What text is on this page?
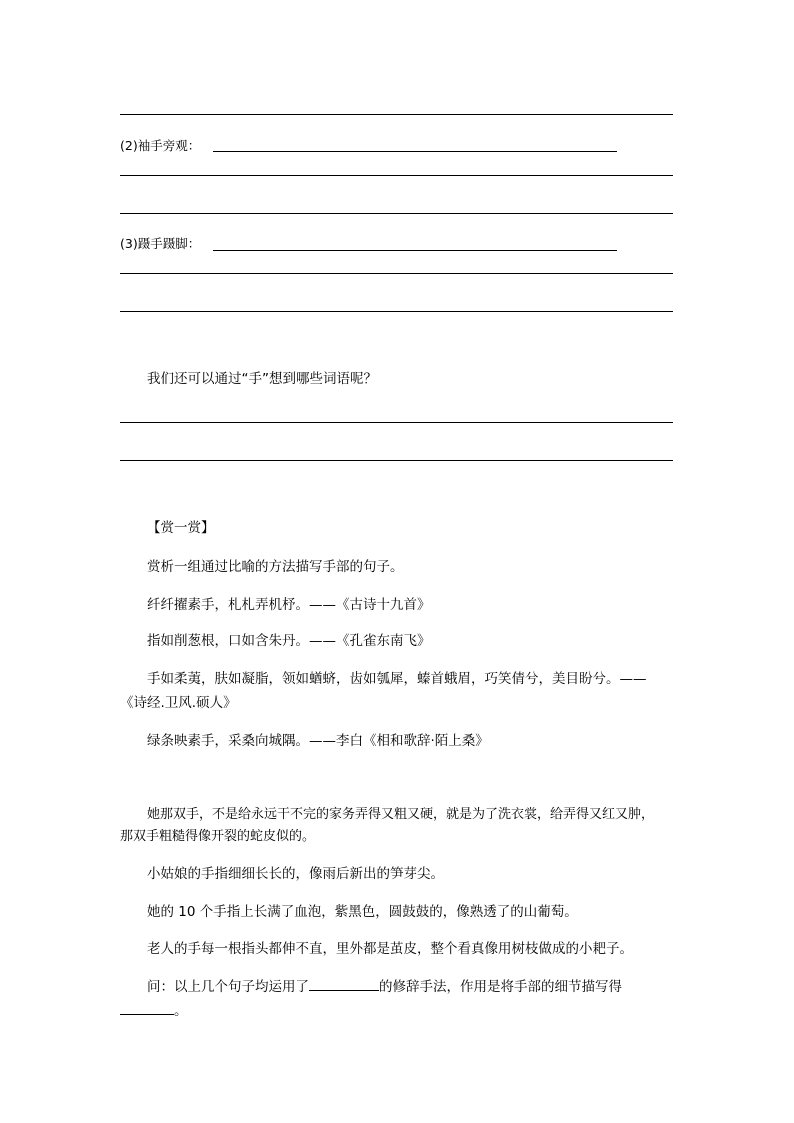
(2)袖手旁观：
(3)蹑手蹑脚：
我们还可以通过“手”想到哪些词语呢？
【赏一赏】
赏析一组通过比喻的方法描写手部的句子。
纤纤擢素手，札札弄机杼。——《古诗十九首》
指如削葱根，口如含朱丹。——《孔雀东南飞》
手如柔荑，肤如凝脂，领如蝤蛴，齿如瓠犀，螓首蛾眉，巧笑倩兮，美目盼兮。——
《诗经.卫风.硕人》
绿条映素手，采桑向城隅。——李白《相和歌辞·陌上桑》
她那双手，不是给永远干不完的家务弄得又粗又硬，就是为了洗衣裳，给弄得又红又肿，
那双手粗糙得像开裂的蛇皮似的。
小姑娘的手指细细长长的，像雨后新出的笋芽尖。
她的 10 个手指上长满了血泡，紫黑色，圆鼓鼓的，像熟透了的山葡萄。
老人的手每一根指头都伸不直，里外都是茧皮，整个看真像用树枝做成的小耙子。
问：以上几个句子均运用了	的修辞手法，作用是将手部的细节描写得
。
